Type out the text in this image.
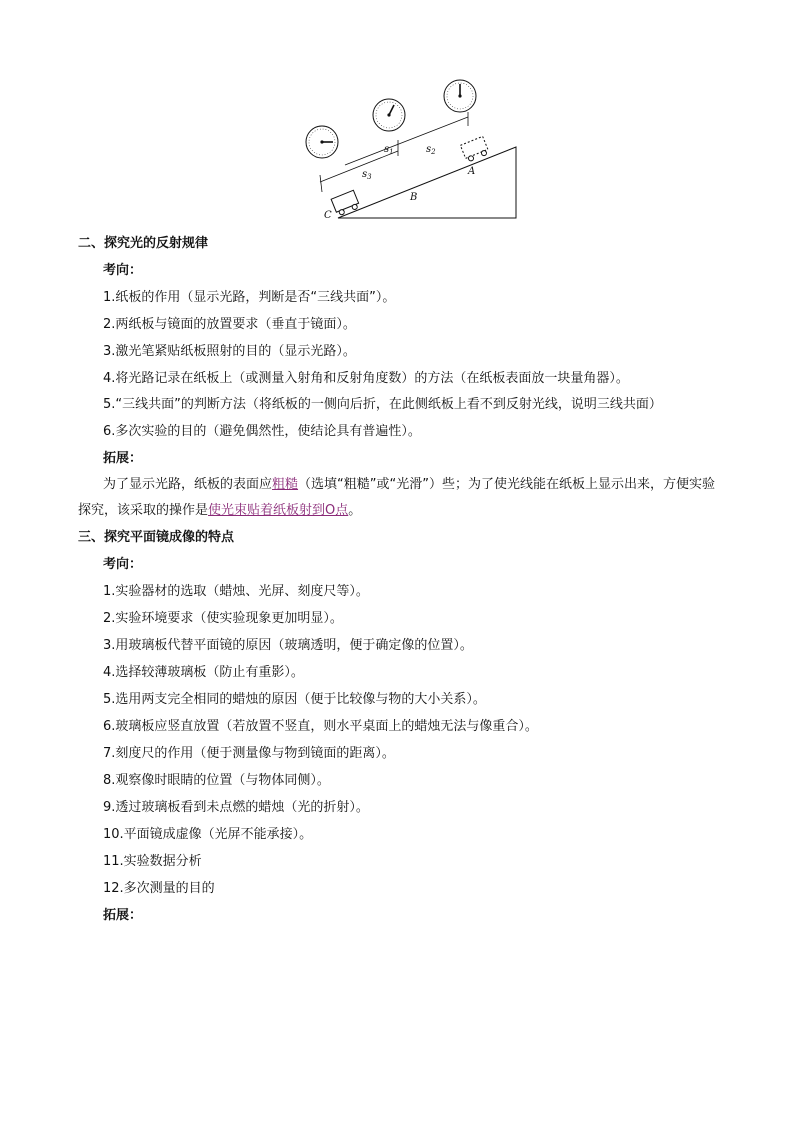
$s_1$	$s_2$
$s_3$	A
B
C
二、探究光的反射规律
考向：
1.纸板的作用（显示光路，判断是否“三线共面”）。
2.两纸板与镜面的放置要求（垂直于镜面）。
3.激光笔紧贴纸板照射的目的（显示光路）。
4.将光路记录在纸板上（或测量入射角和反射角度数）的方法（在纸板表面放一块量角器）。
5.“三线共面”的判断方法（将纸板的一侧向后折，在此侧纸板上看不到反射光线，说明三线共面）
6.多次实验的目的（避免偶然性，使结论具有普遍性）。
拓展：
为了显示光路，纸板的表面应粗糙（选填“粗糙”或“光滑”）些；为了使光线能在纸板上显示出来，方便实验探究，该采取的操作是使光束贴着纸板射到O点。
三、探究平面镜成像的特点
考向：
1.实验器材的选取（蜡烛、光屏、刻度尺等）。
2.实验环境要求（使实验现象更加明显）。
3.用玻璃板代替平面镜的原因（玻璃透明，便于确定像的位置）。
4.选择较薄玻璃板（防止有重影）。
5.选用两支完全相同的蜡烛的原因（便于比较像与物的大小关系）。
6.玻璃板应竖直放置（若放置不竖直，则水平桌面上的蜡烛无法与像重合）。
7.刻度尺的作用（便于测量像与物到镜面的距离）。
8.观察像时眼睛的位置（与物体同侧）。
9.透过玻璃板看到未点燃的蜡烛（光的折射）。
10.平面镜成虚像（光屏不能承接）。
11.实验数据分析
12.多次测量的目的
拓展：
